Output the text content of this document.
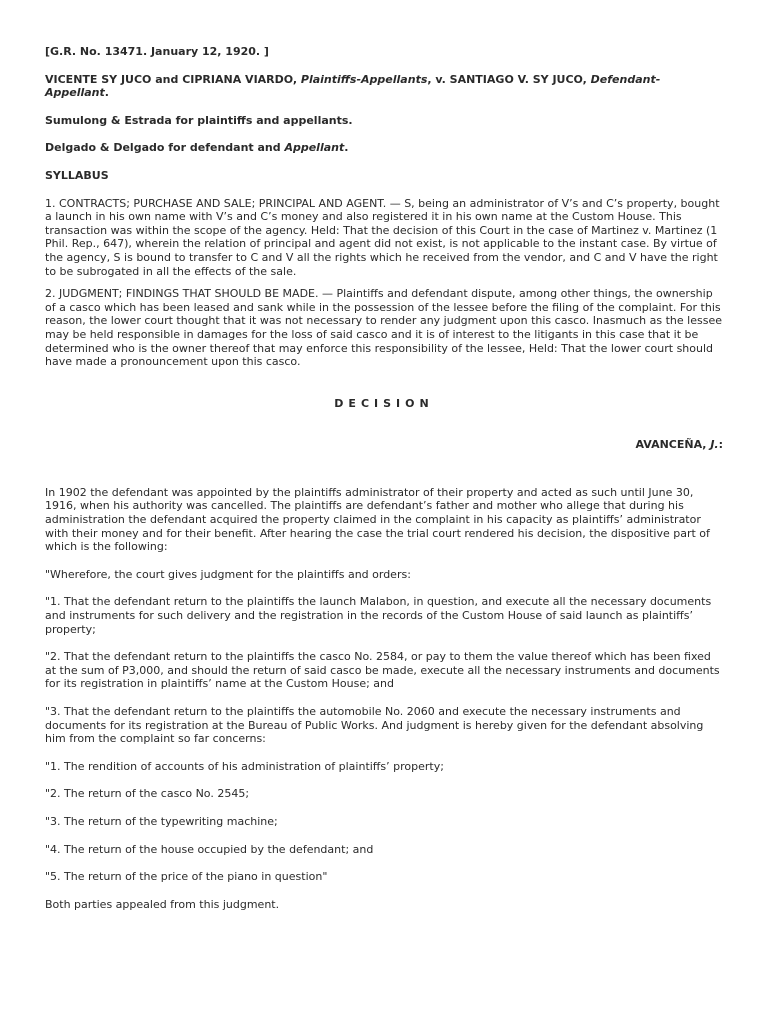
[G.R. No. 13471. January 12, 1920. ]

VICENTE SY JUCO and CIPRIANA VIARDO, Plaintiffs-Appellants, v. SANTIAGO V. SY JUCO, Defendant-Appellant.

Sumulong & Estrada for plaintiffs and appellants.

Delgado & Delgado for defendant and Appellant.

SYLLABUS

1. CONTRACTS; PURCHASE AND SALE; PRINCIPAL AND AGENT. — S, being an administrator of V’s and C’s property, bought a launch in his own name with V’s and C’s money and also registered it in his own name at the Custom House. This transaction was within the scope of the agency. Held: That the decision of this Court in the case of Martinez v. Martinez (1 Phil. Rep., 647), wherein the relation of principal and agent did not exist, is not applicable to the instant case. By virtue of the agency, S is bound to transfer to C and V all the rights which he received from the vendor, and C and V have the right to be subrogated in all the effects of the sale.

2. JUDGMENT; FINDINGS THAT SHOULD BE MADE. — Plaintiffs and defendant dispute, among other things, the ownership of a casco which has been leased and sank while in the possession of the lessee before the filing of the complaint. For this reason, the lower court thought that it was not necessary to render any judgment upon this casco. Inasmuch as the lessee may be held responsible in damages for the loss of said casco and it is of interest to the litigants in this case that it be determined who is the owner thereof that may enforce this responsibility of the lessee, Held: That the lower court should have made a pronouncement upon this casco.

DECISION

AVANCEÑA, J.:

In 1902 the defendant was appointed by the plaintiffs administrator of their property and acted as such until June 30, 1916, when his authority was cancelled. The plaintiffs are defendant’s father and mother who allege that during his administration the defendant acquired the property claimed in the complaint in his capacity as plaintiffs’ administrator with their money and for their benefit. After hearing the case the trial court rendered his decision, the dispositive part of which is the following:

"Wherefore, the court gives judgment for the plaintiffs and orders:

"1. That the defendant return to the plaintiffs the launch Malabon, in question, and execute all the necessary documents and instruments for such delivery and the registration in the records of the Custom House of said launch as plaintiffs’ property;

"2. That the defendant return to the plaintiffs the casco No. 2584, or pay to them the value thereof which has been fixed at the sum of P3,000, and should the return of said casco be made, execute all the necessary instruments and documents for its registration in plaintiffs’ name at the Custom House; and

"3. That the defendant return to the plaintiffs the automobile No. 2060 and execute the necessary instruments and documents for its registration at the Bureau of Public Works. And judgment is hereby given for the defendant absolving him from the complaint so far concerns:

"1. The rendition of accounts of his administration of plaintiffs’ property;

"2. The return of the casco No. 2545;

"3. The return of the typewriting machine;

"4. The return of the house occupied by the defendant; and

"5. The return of the price of the piano in question"

Both parties appealed from this judgment.
